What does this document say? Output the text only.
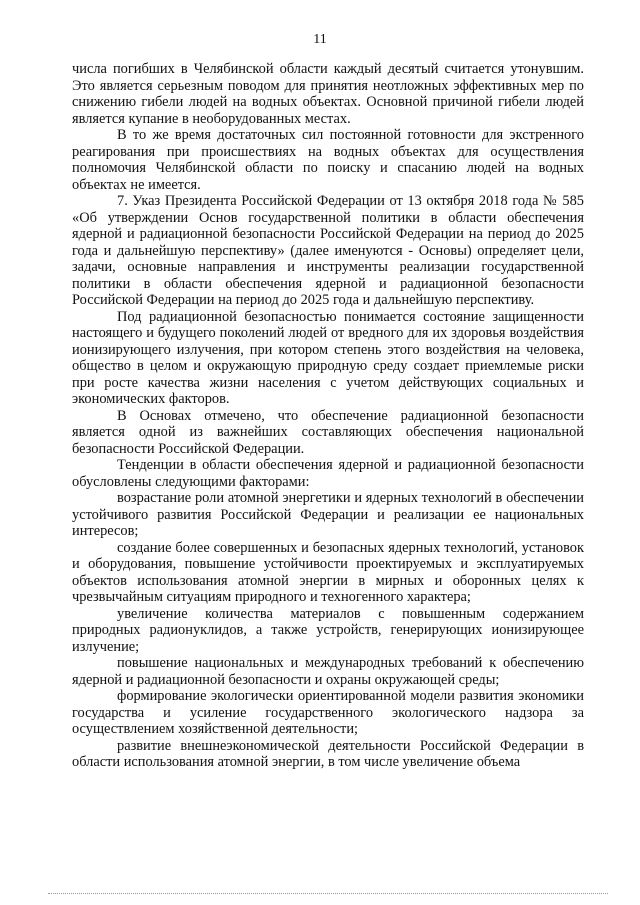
11

числа погибших в Челябинской области каждый десятый считается утонувшим. Это является серьезным поводом для принятия неотложных эффективных мер по снижению гибели людей на водных объектах. Основной причиной гибели людей является купание в необорудованных местах.

В то же время достаточных сил постоянной готовности для экстренного реагирования при происшествиях на водных объектах для осуществления полномочия Челябинской области по поиску и спасанию людей на водных объектах не имеется.

7. Указ Президента Российской Федерации от 13 октября 2018 года № 585 «Об утверждении Основ государственной политики в области обеспечения ядерной и радиационной безопасности Российской Федерации на период до 2025 года и дальнейшую перспективу» (далее именуются - Основы) определяет цели, задачи, основные направления и инструменты реализации государственной политики в области обеспечения ядерной и радиационной безопасности Российской Федерации на период до 2025 года и дальнейшую перспективу.

Под радиационной безопасностью понимается состояние защищенности настоящего и будущего поколений людей от вредного для их здоровья воздействия ионизирующего излучения, при котором степень этого воздействия на человека, общество в целом и окружающую природную среду создает приемлемые риски при росте качества жизни населения с учетом действующих социальных и экономических факторов.

В Основах отмечено, что обеспечение радиационной безопасности является одной из важнейших составляющих обеспечения национальной безопасности Российской Федерации.

Тенденции в области обеспечения ядерной и радиационной безопасности обусловлены следующими факторами:

возрастание роли атомной энергетики и ядерных технологий в обеспечении устойчивого развития Российской Федерации и реализации ее национальных интересов;

создание более совершенных и безопасных ядерных технологий, установок и оборудования, повышение устойчивости проектируемых и эксплуатируемых объектов использования атомной энергии в мирных и оборонных целях к чрезвычайным ситуациям природного и техногенного характера;

увеличение количества материалов с повышенным содержанием природных радионуклидов, а также устройств, генерирующих ионизирующее излучение;

повышение национальных и международных требований к обеспечению ядерной и радиационной безопасности и охраны окружающей среды;

формирование экологически ориентированной модели развития экономики государства и усиление государственного экологического надзора за осуществлением хозяйственной деятельности;

развитие внешнеэкономической деятельности Российской Федерации в области использования атомной энергии, в том числе увеличение объема
